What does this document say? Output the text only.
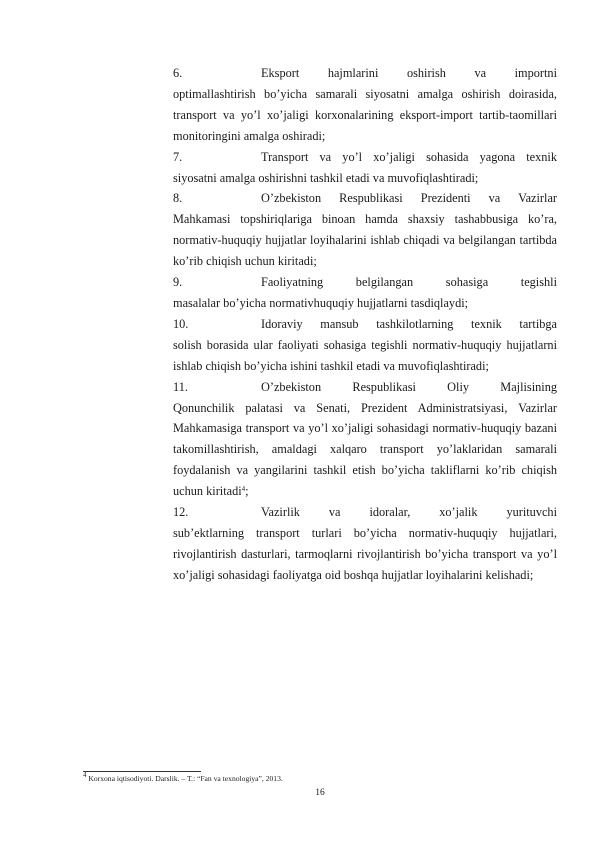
6.	Eksport hajmlarini oshirish va importni
optimallashtirish bo’yicha samarali siyosatni amalga oshirish doirasida, transport va yo’l xo’jaligi korxonalarining eksport-import tartib-taomillari monitoringini amalga oshiradi;
7.	Transport va yo’l xo’jaligi sohasida yagona texnik
siyosatni amalga oshirishni tashkil etadi va muvofiqlashtiradi;
8.	O’zbekiston Respublikasi Prezidenti va Vazirlar
Mahkamasi topshiriqlariga binoan hamda shaxsiy tashabbusiga ko’ra, normativ-huquqiy hujjatlar loyihalarini ishlab chiqadi va belgilangan tartibda ko’rib chiqish uchun kiritadi;
9.	Faoliyatning belgilangan sohasiga tegishli
masalalar bo’yicha normativhuquqiy hujjatlarni tasdiqlaydi;
10.	Idoraviy mansub tashkilotlarning texnik tartibga
solish borasida ular faoliyati sohasiga tegishli normativ-huquqiy hujjatlarni ishlab chiqish bo’yicha ishini tashkil etadi va muvofiqlashtiradi;
11.	O’zbekiston Respublikasi Oliy Majlisining
Qonunchilik palatasi va Senati, Prezident Administratsiyasi, Vazirlar Mahkamasiga transport va yo’l xo’jaligi sohasidagi normativ-huquqiy bazani takomillashtirish, amaldagi xalqaro transport yo’laklaridan samarali foydalanish va yangilarini tashkil etish bo’yicha takliflarni ko’rib chiqish uchun kiritadi$^4$;
12.	Vazirlik va idoralar, xo’jalik yurituvchi
sub’ektlarning transport turlari bo’yicha normativ-huquqiy hujjatlari, rivojlantirish dasturlari, tarmoqlarni rivojlantirish bo’yicha transport va yo’l xo’jaligi sohasidagi faoliyatga oid boshqa hujjatlar loyihalarini kelishadi;
$^4$ Korxona iqtisodiyoti. Darslik. – T.: “Fan va texnologiya”, 2013.
16
